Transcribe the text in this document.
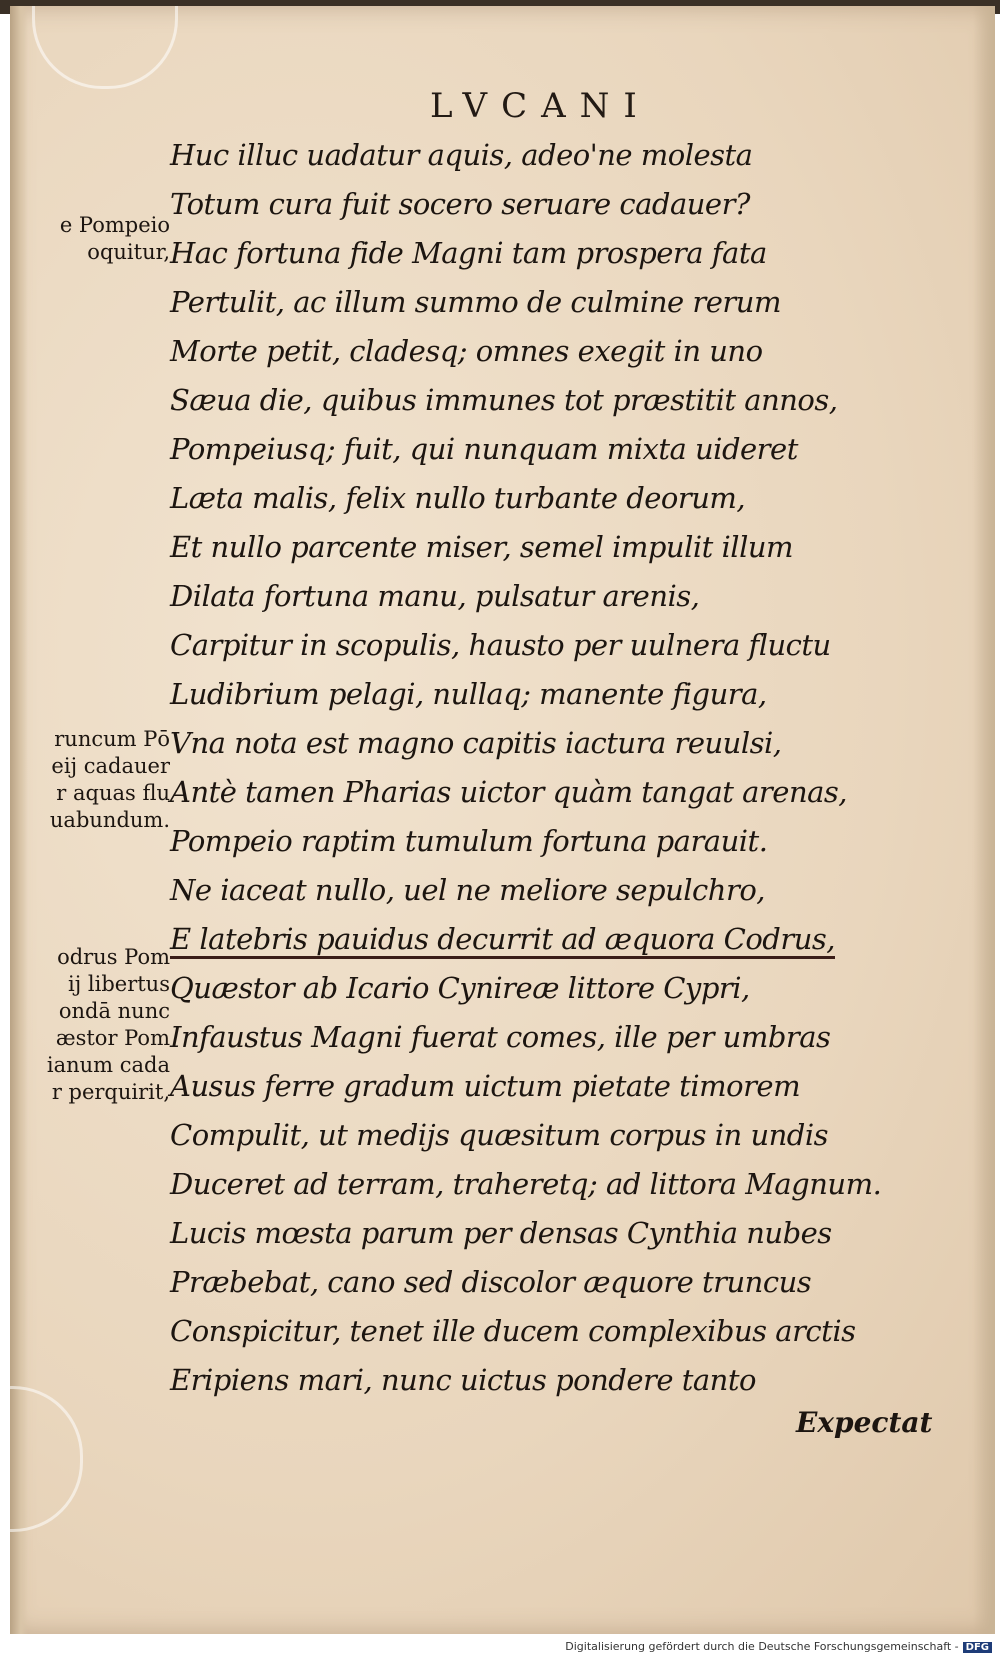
LVCANI
Huc illuc uadatur aquis, adeo'ne molesta
Totum cura fuit socero seruare cadauer?
Hac fortuna fide Magni tam prospera fata
Pertulit, ac illum summo de culmine rerum
Morte petit, cladesq; omnes exegit in uno
Sæua die, quibus immunes tot præstitit annos,
Pompeiusq; fuit, qui nunquam mixta uideret
Læta malis, felix nullo turbante deorum,
Et nullo parcente miser, semel impulit illum
Dilata fortuna manu, pulsatur arenis,
Carpitur in scopulis, hausto per uulnera fluctu
Ludibrium pelagi, nullaq; manente figura,
Vna nota est magno capitis iactura reuulsi,
Antè tamen Pharias uictor quàm tangat arenas,
Pompeio raptim tumulum fortuna parauit.
Ne iaceat nullo, uel ne meliore sepulchro,
E latebris pauidus decurrit ad æquora Codrus,
Quæstor ab Icario Cynireæ littore Cypri,
Infaustus Magni fuerat comes, ille per umbras
Ausus ferre gradum uictum pietate timorem
Compulit, ut medijs quæsitum corpus in undis
Duceret ad terram, traheretq; ad littora Magnum.
Lucis mœsta parum per densas Cynthia nubes
Præbebat, cano sed discolor æquore truncus
Conspicitur, tenet ille ducem complexibus arctis
Eripiens mari, nunc uictus pondere tanto
e Pompeio
oquitur,
runcum Pō
eij cadauer
r aquas flu
uabundum.
odrus Pom
ij libertus
ondā nunc
æstor Pom
ianum cada
r perquirit,
Expectat
Digitalisierung gefördert durch die Deutsche Forschungsgemeinschaft - DFG
